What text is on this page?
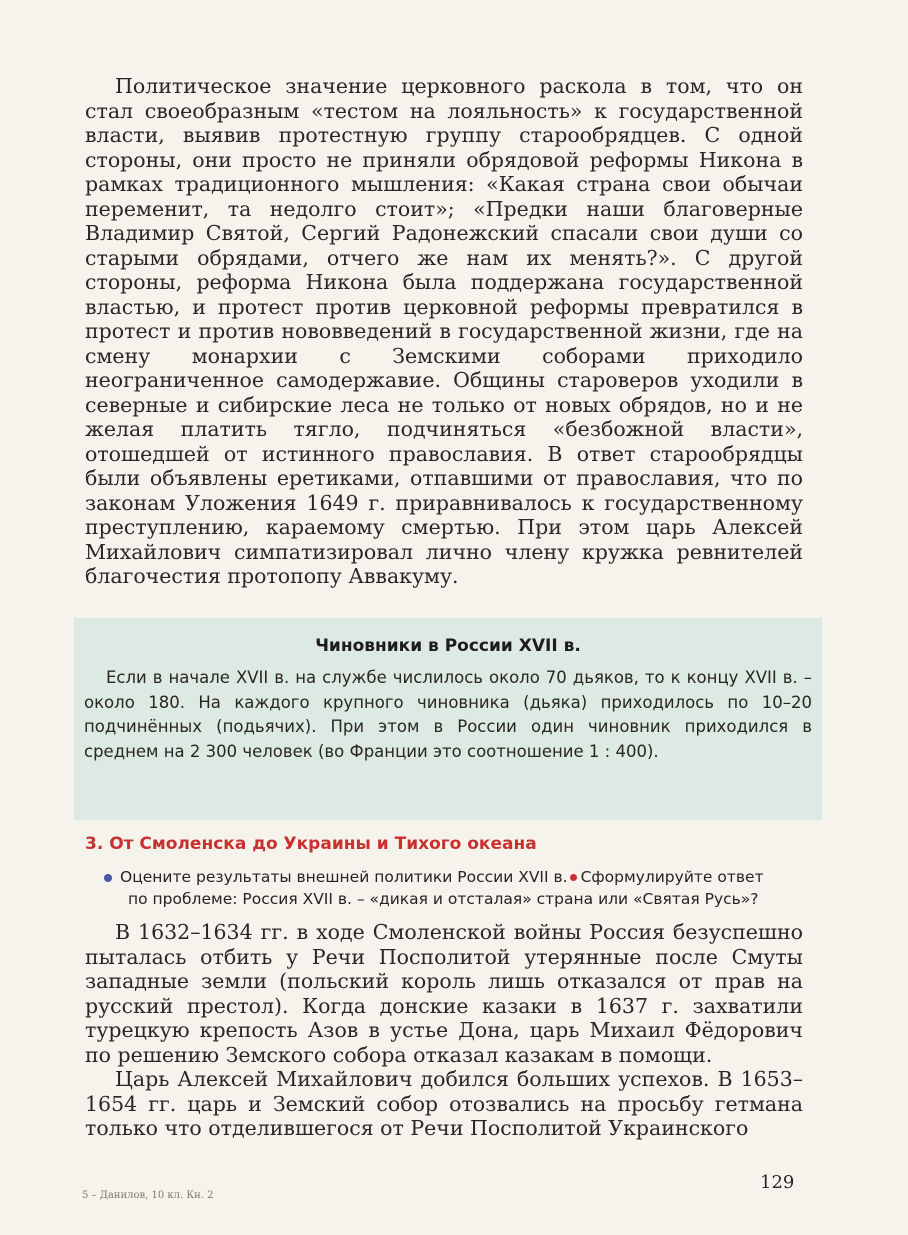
Политическое значение церковного раскола в том, что он стал своеобразным «тестом на лояльность» к государственной власти, выявив протестную группу старообрядцев. С одной стороны, они просто не приняли обрядовой реформы Никона в рамках традиционного мышления: «Какая страна свои обычаи переменит, та недолго стоит»; «Предки наши благоверные Владимир Святой, Сергий Радонежский спасали свои души со старыми обрядами, отчего же нам их менять?». С другой стороны, реформа Никона была поддержана государственной властью, и протест против церковной реформы превратился в протест и против нововведений в государственной жизни, где на смену монархии с Земскими соборами приходило неограниченное самодержавие. Общины староверов уходили в северные и сибирские леса не только от новых обрядов, но и не желая платить тягло, подчиняться «безбожной власти», отошедшей от истинного православия. В ответ старообрядцы были объявлены еретиками, отпавшими от православия, что по законам Уложения 1649 г. приравнивалось к государственному преступлению, караемому смертью. При этом царь Алексей Михайлович симпатизировал лично члену кружка ревнителей благочестия протопопу Аввакуму.

Чиновники в России XVII в.

Если в начале XVII в. на службе числилось около 70 дьяков, то к концу XVII в. – около 180. На каждого крупного чиновника (дьяка) приходилось по 10–20 подчинённых (подьячих). При этом в России один чиновник приходился в среднем на 2 300 человек (во Франции это соотношение 1 : 400).

3. От Смоленска до Украины и Тихого океана
Оцените результаты внешней политики России XVII в. Сформулируйте ответ
по проблеме: Россия XVII в. – «дикая и отсталая» страна или «Святая Русь»?

В 1632–1634 гг. в ходе Смоленской войны Россия безуспешно пыталась отбить у Речи Посполитой утерянные после Смуты западные земли (польский король лишь отказался от прав на русский престол). Когда донские казаки в 1637 г. захватили турецкую крепость Азов в устье Дона, царь Михаил Фёдорович по решению Земского собора отказал казакам в помощи.

Царь Алексей Михайлович добился больших успехов. В 1653–1654 гг. царь и Земский собор отозвались на просьбу гетмана только что отделившегося от Речи Посполитой Украинского

5 – Данилов, 10 кл. Кн. 2
129
